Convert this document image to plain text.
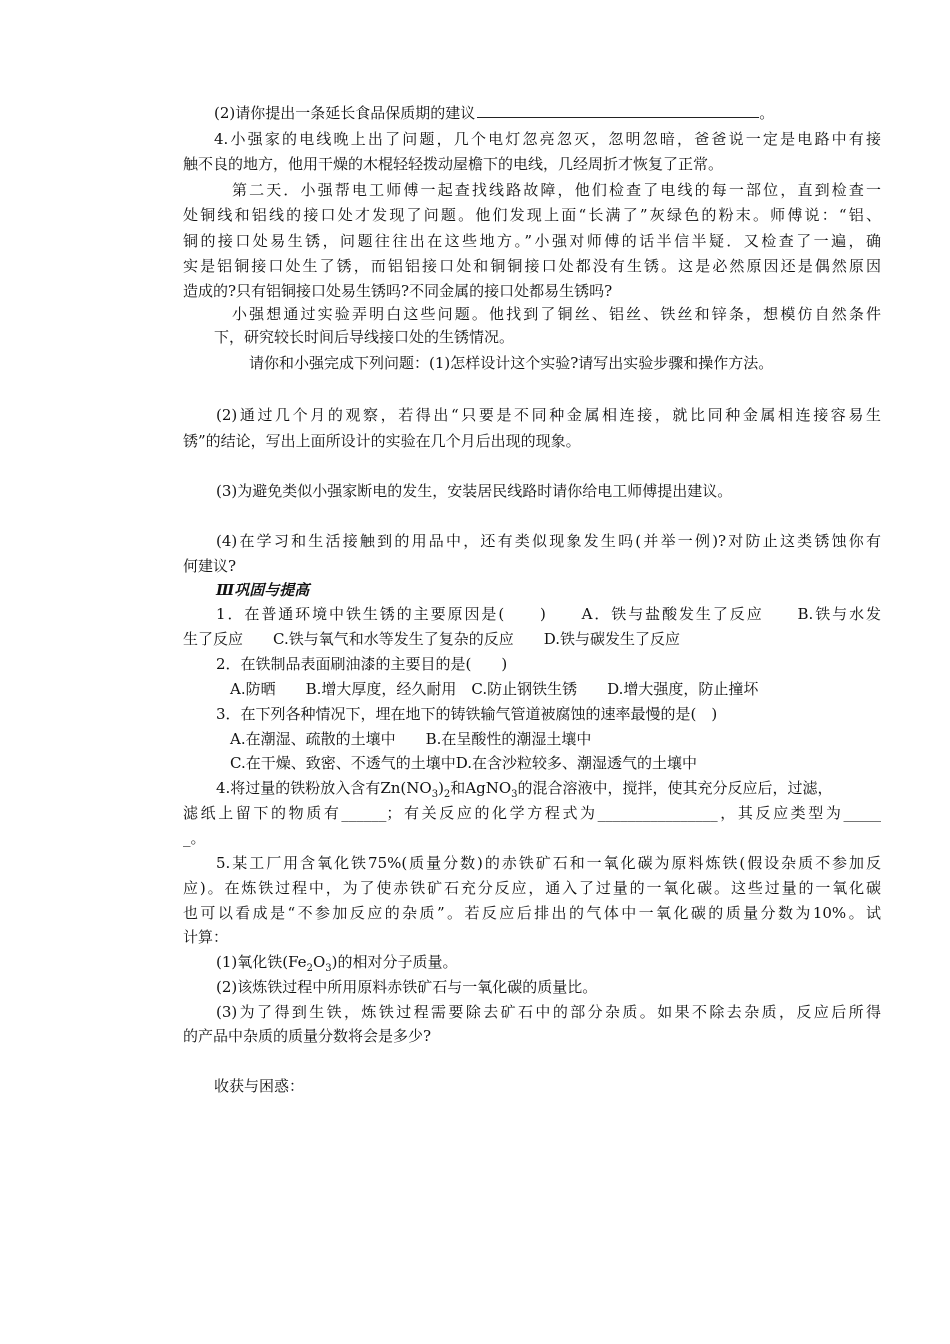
(2)请你提出一条延长食品保质期的建议	。
4.小强家的电线晚上出了问题，几个电灯忽亮忽灭，忽明忽暗，爸爸说一定是电路中有接
触不良的地方，他用干燥的木棍轻轻拨动屋檐下的电线，几经周折才恢复了正常。
第二天．小强帮电工师傅一起查找线路故障，他们检查了电线的每一部位，直到检查一
处铜线和铝线的接口处才发现了问题。他们发现上面“长满了”灰绿色的粉末。师傅说：“铝、
铜的接口处易生锈，问题往往出在这些地方。”小强对师傅的话半信半疑．又检查了一遍，确
实是铝铜接口处生了锈，而铝铝接口处和铜铜接口处都没有生锈。这是必然原因还是偶然原因
造成的?只有铝铜接口处易生锈吗?不同金属的接口处都易生锈吗?
小强想通过实验弄明白这些问题。他找到了铜丝、铝丝、铁丝和锌条，想模仿自然条件
下，研究较长时间后导线接口处的生锈情况。
请你和小强完成下列问题：(1)怎样设计这个实验?请写出实验步骤和操作方法。
(2)通过几个月的观察，若得出“只要是不同种金属相连接，就比同种金属相连接容易生
锈”的结论，写出上面所设计的实验在几个月后出现的现象。
(3)为避免类似小强家断电的发生，安装居民线路时请你给电工师傅提出建议。
(4)在学习和生活接触到的用品中，还有类似现象发生吗(并举一例)?对防止这类锈蚀你有
何建议?
Ⅲ巩固与提高
1．在普通环境中铁生锈的主要原因是(　　)　　A．铁与盐酸发生了反应　　B.铁与水发
生了反应　　C.铁与氧气和水等发生了复杂的反应　　D.铁与碳发生了反应
2．在铁制品表面刷油漆的主要目的是(　　)
A.防晒　　B.增大厚度，经久耐用　C.防止钢铁生锈　　D.增大强度，防止撞坏
3．在下列各种情况下，埋在地下的铸铁输气管道被腐蚀的速率最慢的是(　)
A.在潮湿、疏散的土壤中　　B.在呈酸性的潮湿土壤中
C.在干燥、致密、不透气的土壤中D.在含沙粒较多、潮湿透气的土壤中
4.将过量的铁粉放入含有$Zn(NO_3)_2$和AgNO$_3$的混合溶液中，搅拌，使其充分反应后，过滤，
滤纸上留下的物质有______；有关反应的化学方程式为________________，其反应类型为_____
_。
5.某工厂用含氧化铁75%(质量分数)的赤铁矿石和一氧化碳为原料炼铁(假设杂质不参加反
应)。在炼铁过程中，为了使赤铁矿石充分反应，通入了过量的一氧化碳。这些过量的一氧化碳
也可以看成是“不参加反应的杂质”。若反应后排出的气体中一氧化碳的质量分数为10%。试
计算：
(1)氧化铁$(Fe_2O_3)$的相对分子质量。
(2)该炼铁过程中所用原料赤铁矿石与一氧化碳的质量比。
(3)为了得到生铁，炼铁过程需要除去矿石中的部分杂质。如果不除去杂质，反应后所得
的产品中杂质的质量分数将会是多少?
收获与困惑：
